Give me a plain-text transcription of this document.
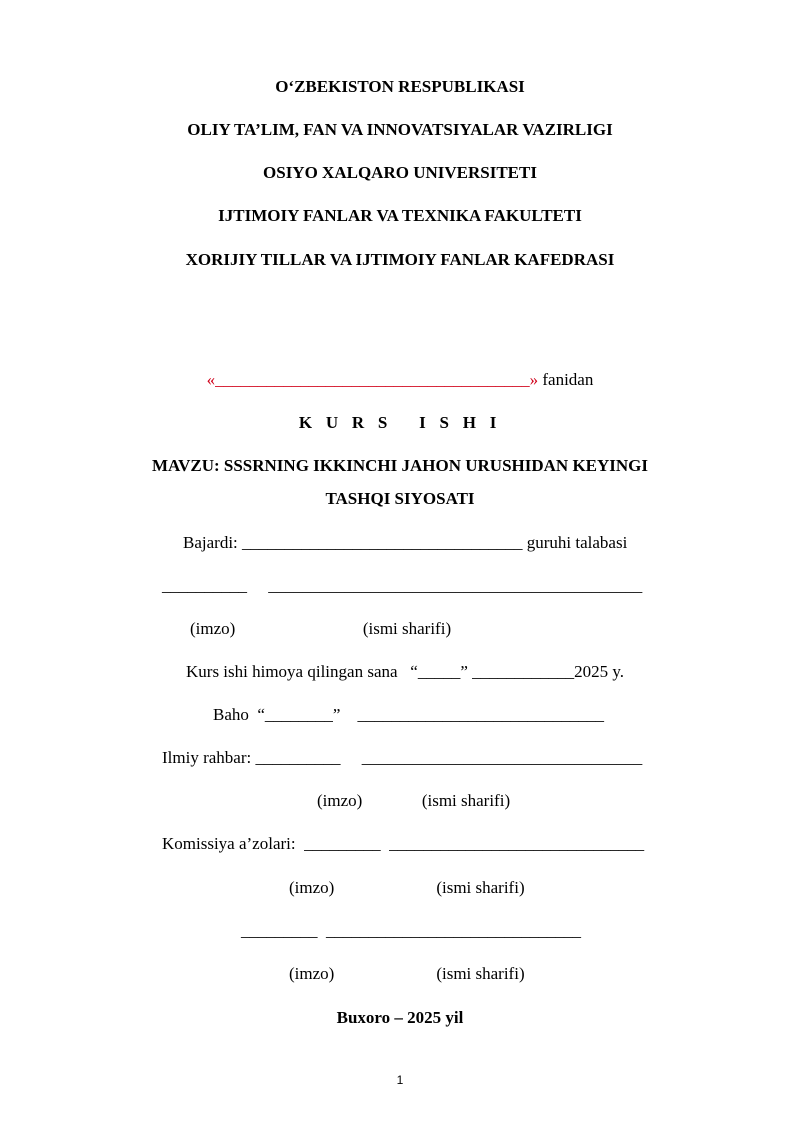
O‘ZBEKISTON RESPUBLIKASI
OLIY TA’LIM, FAN VA INNOVATSIYALAR VAZIRLIGI
OSIYO XALQARO UNIVERSITETI
IJTIMOIY FANLAR VA TEXNIKA FAKULTETI
XORIJIY TILLAR VA IJTIMOIY FANLAR KAFEDRASI
«_____________________________________» fanidan
K U R S   I S H I
MAVZU: SSSRNING IKKINCHI JAHON URUSHIDAN KEYINGI
TASHQI SIYOSATI
Bajardi: _________________________________ guruhi talabasi
__________     ____________________________________________
(imzo)                              (ismi sharifi)
Kurs ishi himoya qilingan sana   “_____” ____________2025 y.
Baho  “________”    _____________________________
Ilmiy rahbar: __________     _________________________________
(imzo)              (ismi sharifi)
Komissiya a’zolari:  _________  ______________________________
(imzo)                        (ismi sharifi)
_________  ______________________________
(imzo)                        (ismi sharifi)
Buxoro – 2025 yil
1
